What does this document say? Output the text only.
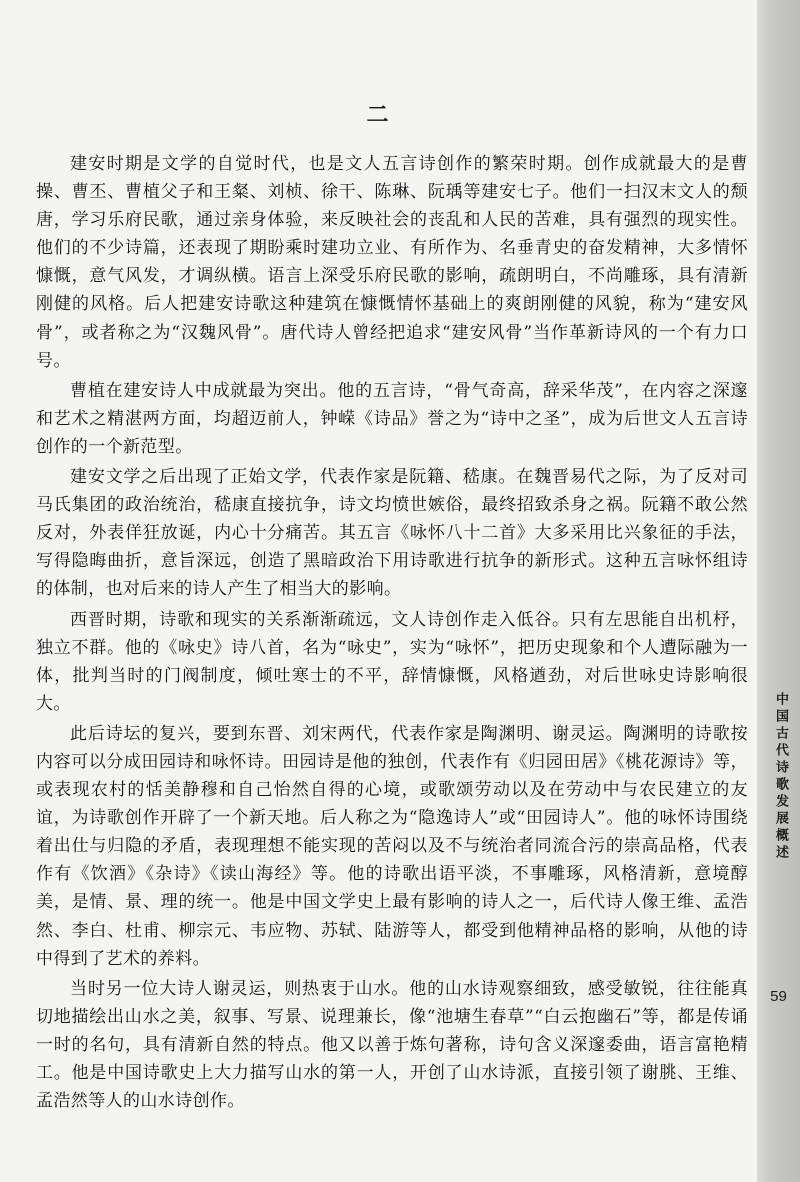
二

建安时期是文学的自觉时代，也是文人五言诗创作的繁荣时期。创作成就最大的是曹操、曹丕、曹植父子和王粲、刘桢、徐干、陈琳、阮瑀等建安七子。他们一扫汉末文人的颓唐，学习乐府民歌，通过亲身体验，来反映社会的丧乱和人民的苦难，具有强烈的现实性。他们的不少诗篇，还表现了期盼乘时建功立业、有所作为、名垂青史的奋发精神，大多情怀慷慨，意气风发，才调纵横。语言上深受乐府民歌的影响，疏朗明白，不尚雕琢，具有清新刚健的风格。后人把建安诗歌这种建筑在慷慨情怀基础上的爽朗刚健的风貌，称为“建安风骨”，或者称之为“汉魏风骨”。唐代诗人曾经把追求“建安风骨”当作革新诗风的一个有力口号。

曹植在建安诗人中成就最为突出。他的五言诗，“骨气奇高，辞采华茂”，在内容之深邃和艺术之精湛两方面，均超迈前人，钟嵘《诗品》誉之为“诗中之圣”，成为后世文人五言诗创作的一个新范型。

建安文学之后出现了正始文学，代表作家是阮籍、嵇康。在魏晋易代之际，为了反对司马氏集团的政治统治，嵇康直接抗争，诗文均愤世嫉俗，最终招致杀身之祸。阮籍不敢公然反对，外表佯狂放诞，内心十分痛苦。其五言《咏怀八十二首》大多采用比兴象征的手法，写得隐晦曲折，意旨深远，创造了黑暗政治下用诗歌进行抗争的新形式。这种五言咏怀组诗的体制，也对后来的诗人产生了相当大的影响。

西晋时期，诗歌和现实的关系渐渐疏远，文人诗创作走入低谷。只有左思能自出机杼，独立不群。他的《咏史》诗八首，名为“咏史”，实为“咏怀”，把历史现象和个人遭际融为一体，批判当时的门阀制度，倾吐寒士的不平，辞情慷慨，风格遒劲，对后世咏史诗影响很大。

此后诗坛的复兴，要到东晋、刘宋两代，代表作家是陶渊明、谢灵运。陶渊明的诗歌按内容可以分成田园诗和咏怀诗。田园诗是他的独创，代表作有《归园田居》《桃花源诗》等，或表现农村的恬美静穆和自己怡然自得的心境，或歌颂劳动以及在劳动中与农民建立的友谊，为诗歌创作开辟了一个新天地。后人称之为“隐逸诗人”或“田园诗人”。他的咏怀诗围绕着出仕与归隐的矛盾，表现理想不能实现的苦闷以及不与统治者同流合污的崇高品格，代表作有《饮酒》《杂诗》《读山海经》等。他的诗歌出语平淡，不事雕琢，风格清新，意境醇美，是情、景、理的统一。他是中国文学史上最有影响的诗人之一，后代诗人像王维、孟浩然、李白、杜甫、柳宗元、韦应物、苏轼、陆游等人，都受到他精神品格的影响，从他的诗中得到了艺术的养料。

当时另一位大诗人谢灵运，则热衷于山水。他的山水诗观察细致，感受敏锐，往往能真切地描绘出山水之美，叙事、写景、说理兼长，像“池塘生春草”“白云抱幽石”等，都是传诵一时的名句，具有清新自然的特点。他又以善于炼句著称，诗句含义深邃委曲，语言富艳精工。他是中国诗歌史上大力描写山水的第一人，开创了山水诗派，直接引领了谢朓、王维、孟浩然等人的山水诗创作。

中国古代诗歌发展概述
59
